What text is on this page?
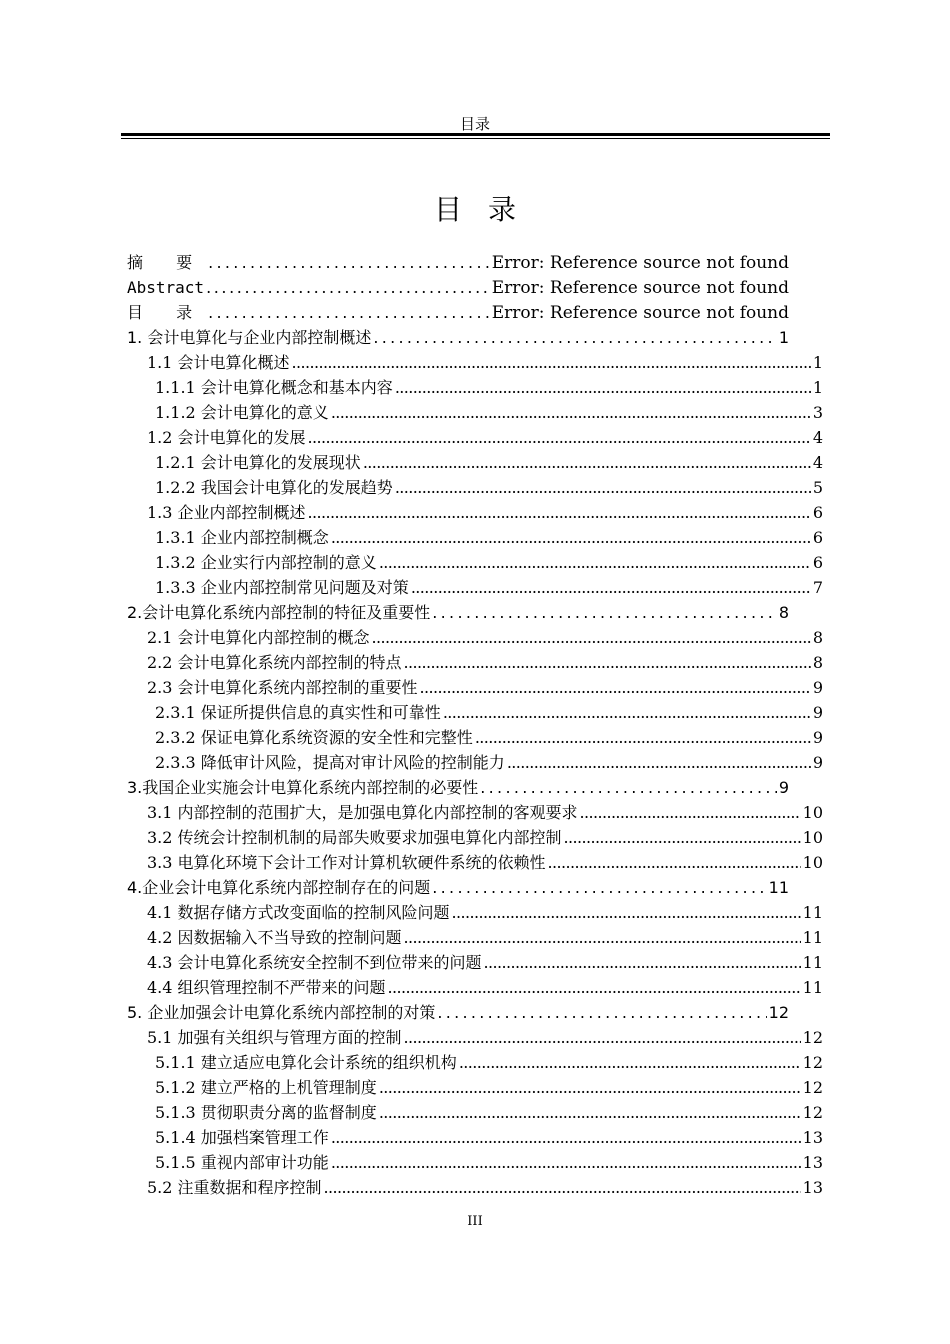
目录
目录
摘 要 .....	Error: Reference source not found
Abstract .....	Error: Reference source not found
目 录 .....	Error: Reference source not found
1. 会计电算化与企业内部控制概述 .....	1
1.1 会计电算化概述 .....	1
1.1.1 会计电算化概念和基本内容 .....	1
1.1.2 会计电算化的意义 .....	3
1.2 会计电算化的发展 .....	4
1.2.1 会计电算化的发展现状 .....	4
1.2.2 我国会计电算化的发展趋势 .....	5
1.3 企业内部控制概述 .....	6
1.3.1 企业内部控制概念 .....	6
1.3.2 企业实行内部控制的意义 .....	6
1.3.3 企业内部控制常见问题及对策 .....	7
2.会计电算化系统内部控制的特征及重要性 .....	8
2.1 会计电算化内部控制的概念 .....	8
2.2 会计电算化系统内部控制的特点 .....	8
2.3 会计电算化系统内部控制的重要性 .....	9
2.3.1 保证所提供信息的真实性和可靠性 .....	9
2.3.2 保证电算化系统资源的安全性和完整性 .....	9
2.3.3 降低审计风险，提高对审计风险的控制能力 .....	9
3.我国企业实施会计电算化系统内部控制的必要性 .....	9
3.1 内部控制的范围扩大，是加强电算化内部控制的客观要求 .....	10
3.2 传统会计控制机制的局部失败要求加强电算化内部控制 .....	10
3.3 电算化环境下会计工作对计算机软硬件系统的依赖性 .....	10
4.企业会计电算化系统内部控制存在的问题 .....	11
4.1 数据存储方式改变面临的控制风险问题 .....	11
4.2 因数据输入不当导致的控制问题 .....	11
4.3 会计电算化系统安全控制不到位带来的问题 .....	11
4.4 组织管理控制不严带来的问题 .....	11
5. 企业加强会计电算化系统内部控制的对策 .....	12
5.1 加强有关组织与管理方面的控制 .....	12
5.1.1 建立适应电算化会计系统的组织机构 .....	12
5.1.2 建立严格的上机管理制度 .....	12
5.1.3 贯彻职责分离的监督制度 .....	12
5.1.4 加强档案管理工作 .....	13
5.1.5 重视内部审计功能 .....	13
5.2 注重数据和程序控制 .....	13
III
